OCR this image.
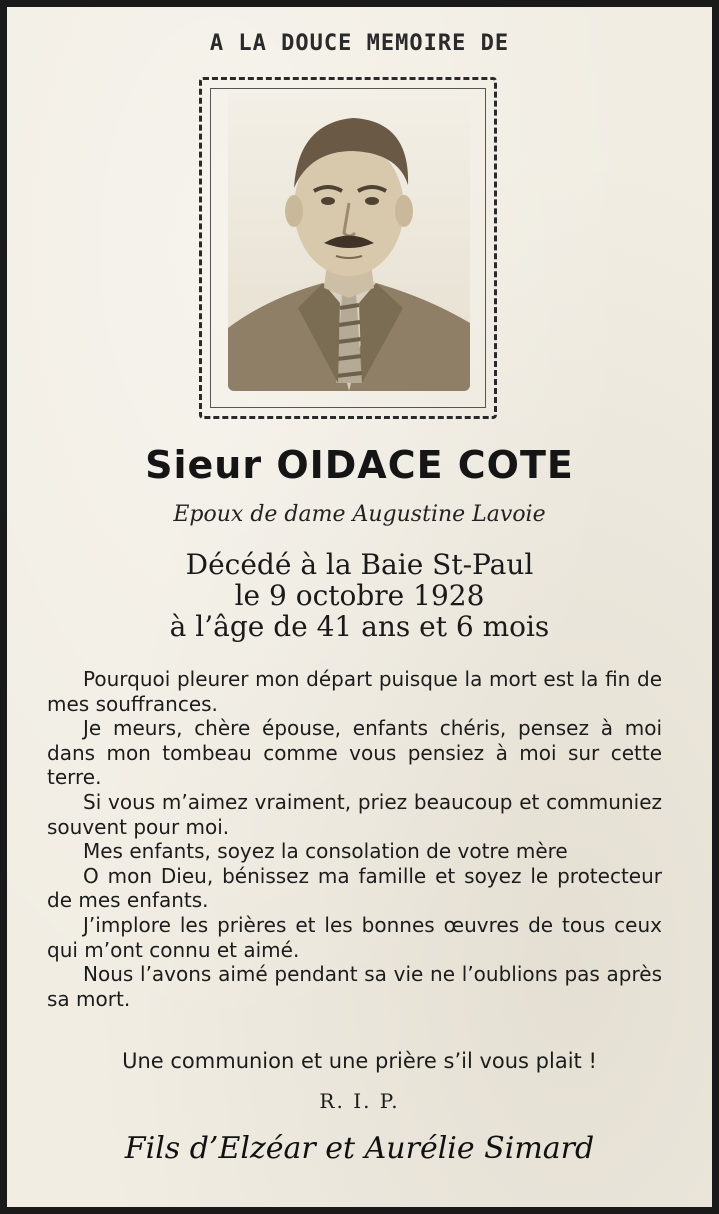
A LA DOUCE MEMOIRE DE
Sieur OIDACE COTE
Epoux de dame Augustine Lavoie
Décédé à la Baie St-Paul
le 9 octobre 1928
à l’âge de 41 ans et 6 mois

Pourquoi pleurer mon départ puisque la mort est la fin de mes souffrances.

Je meurs, chère épouse, enfants chéris, pensez à moi dans mon tombeau comme vous pensiez à moi sur cette terre.

Si vous m’aimez vraiment, priez beaucoup et communiez souvent pour moi.

Mes enfants, soyez la consolation de votre mère

O mon Dieu, bénissez ma famille et soyez le protecteur de mes enfants.

J’implore les prières et les bonnes œuvres de tous ceux qui m’ont connu et aimé.

Nous l’avons aimé pendant sa vie ne l’oublions pas après sa mort.

Une communion et une prière s’il vous plait !
R. I. P.
Fils d’Elzéar et Aurélie Simard
